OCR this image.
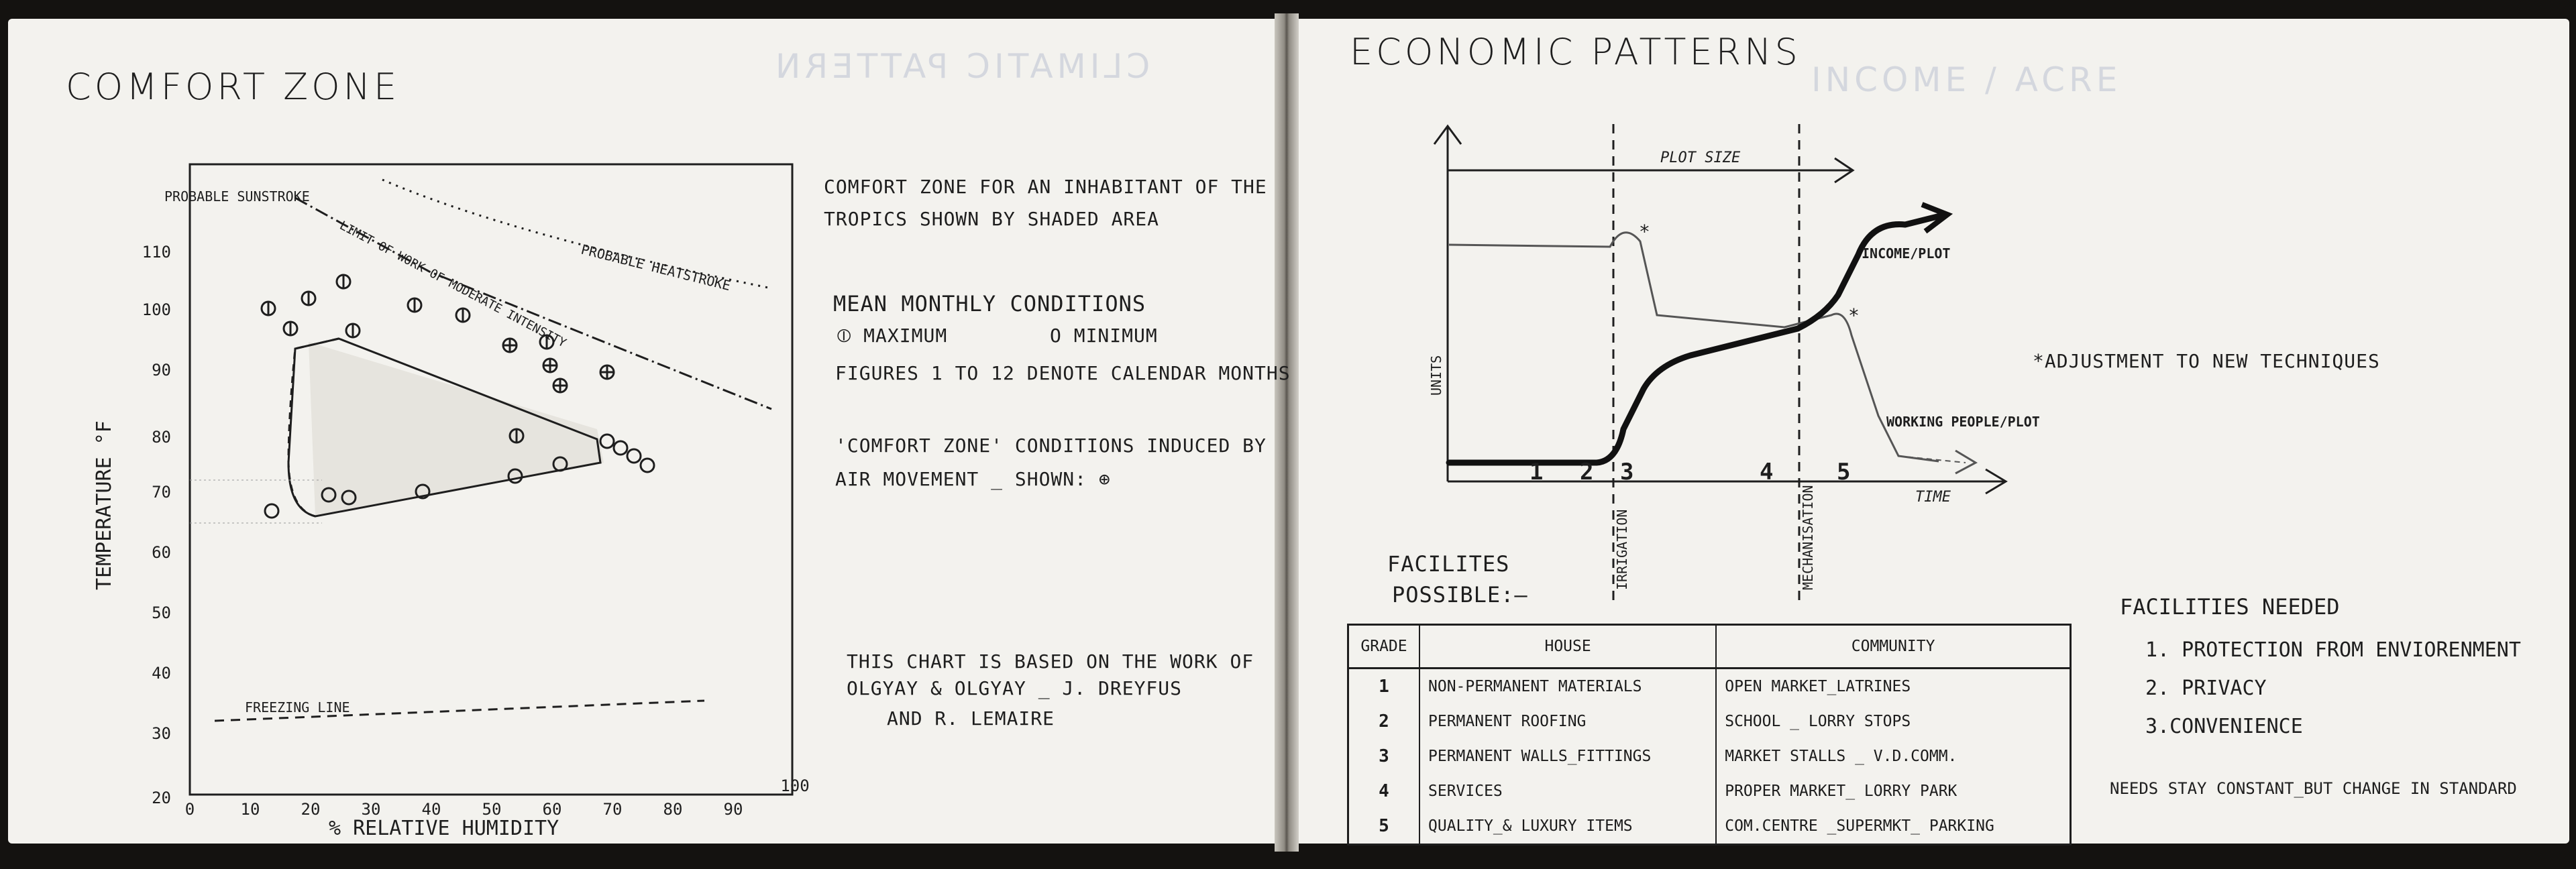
CLIMATIC PATTERN	INCOME / ACRE
COMFORT ZONE
20
30
40
50
60
70
80
90
100
110
0	10	20	30	40	50	60	70	80	90
100
PROBABLE SUNSTROKE
PROBABLE HEATSTROKE
LIMIT OF WORK OF MODERATE INTENSITY
FREEZING LINE
% RELATIVE HUMIDITY
TEMPERATURE °F
COMFORT ZONE FOR AN INHABITANT OF THE
TROPICS SHOWN BY SHADED AREA
MEAN MONTHLY CONDITIONS
⦶ MAXIMUM	O MINIMUM
FIGURES 1 TO 12 DENOTE CALENDAR MONTHS
'COMFORT ZONE' CONDITIONS INDUCED BY
AIR MOVEMENT _ SHOWN: ⊕
THIS CHART IS BASED ON THE WORK OF
OLGYAY & OLGYAY _ J. DREYFUS
AND R. LEMAIRE
ECONOMIC PATTERNS
PLOT SIZE
UNITS
TIME
INCOME/PLOT
WORKING PEOPLE/PLOT
IRRIGATION	MECHANISATION
1 2 3	4	5
*
*
*ADJUSTMENT TO NEW TECHNIQUES
FACILITES
POSSIBLE:—
GRADE	HOUSE	COMMUNITY
1	NON-PERMANENT MATERIALS	OPEN MARKET_LATRINES
2	PERMANENT ROOFING	SCHOOL _ LORRY STOPS
3	PERMANENT WALLS_FITTINGS	MARKET STALLS _ V.D.COMM.
4	SERVICES	PROPER MARKET_ LORRY PARK
5	QUALITY_& LUXURY ITEMS	COM.CENTRE _SUPERMKT_ PARKING
FACILITIES NEEDED
1. PROTECTION FROM ENVIORENMENT
2. PRIVACY
3.CONVENIENCE
NEEDS STAY CONSTANT_BUT CHANGE IN STANDARD
